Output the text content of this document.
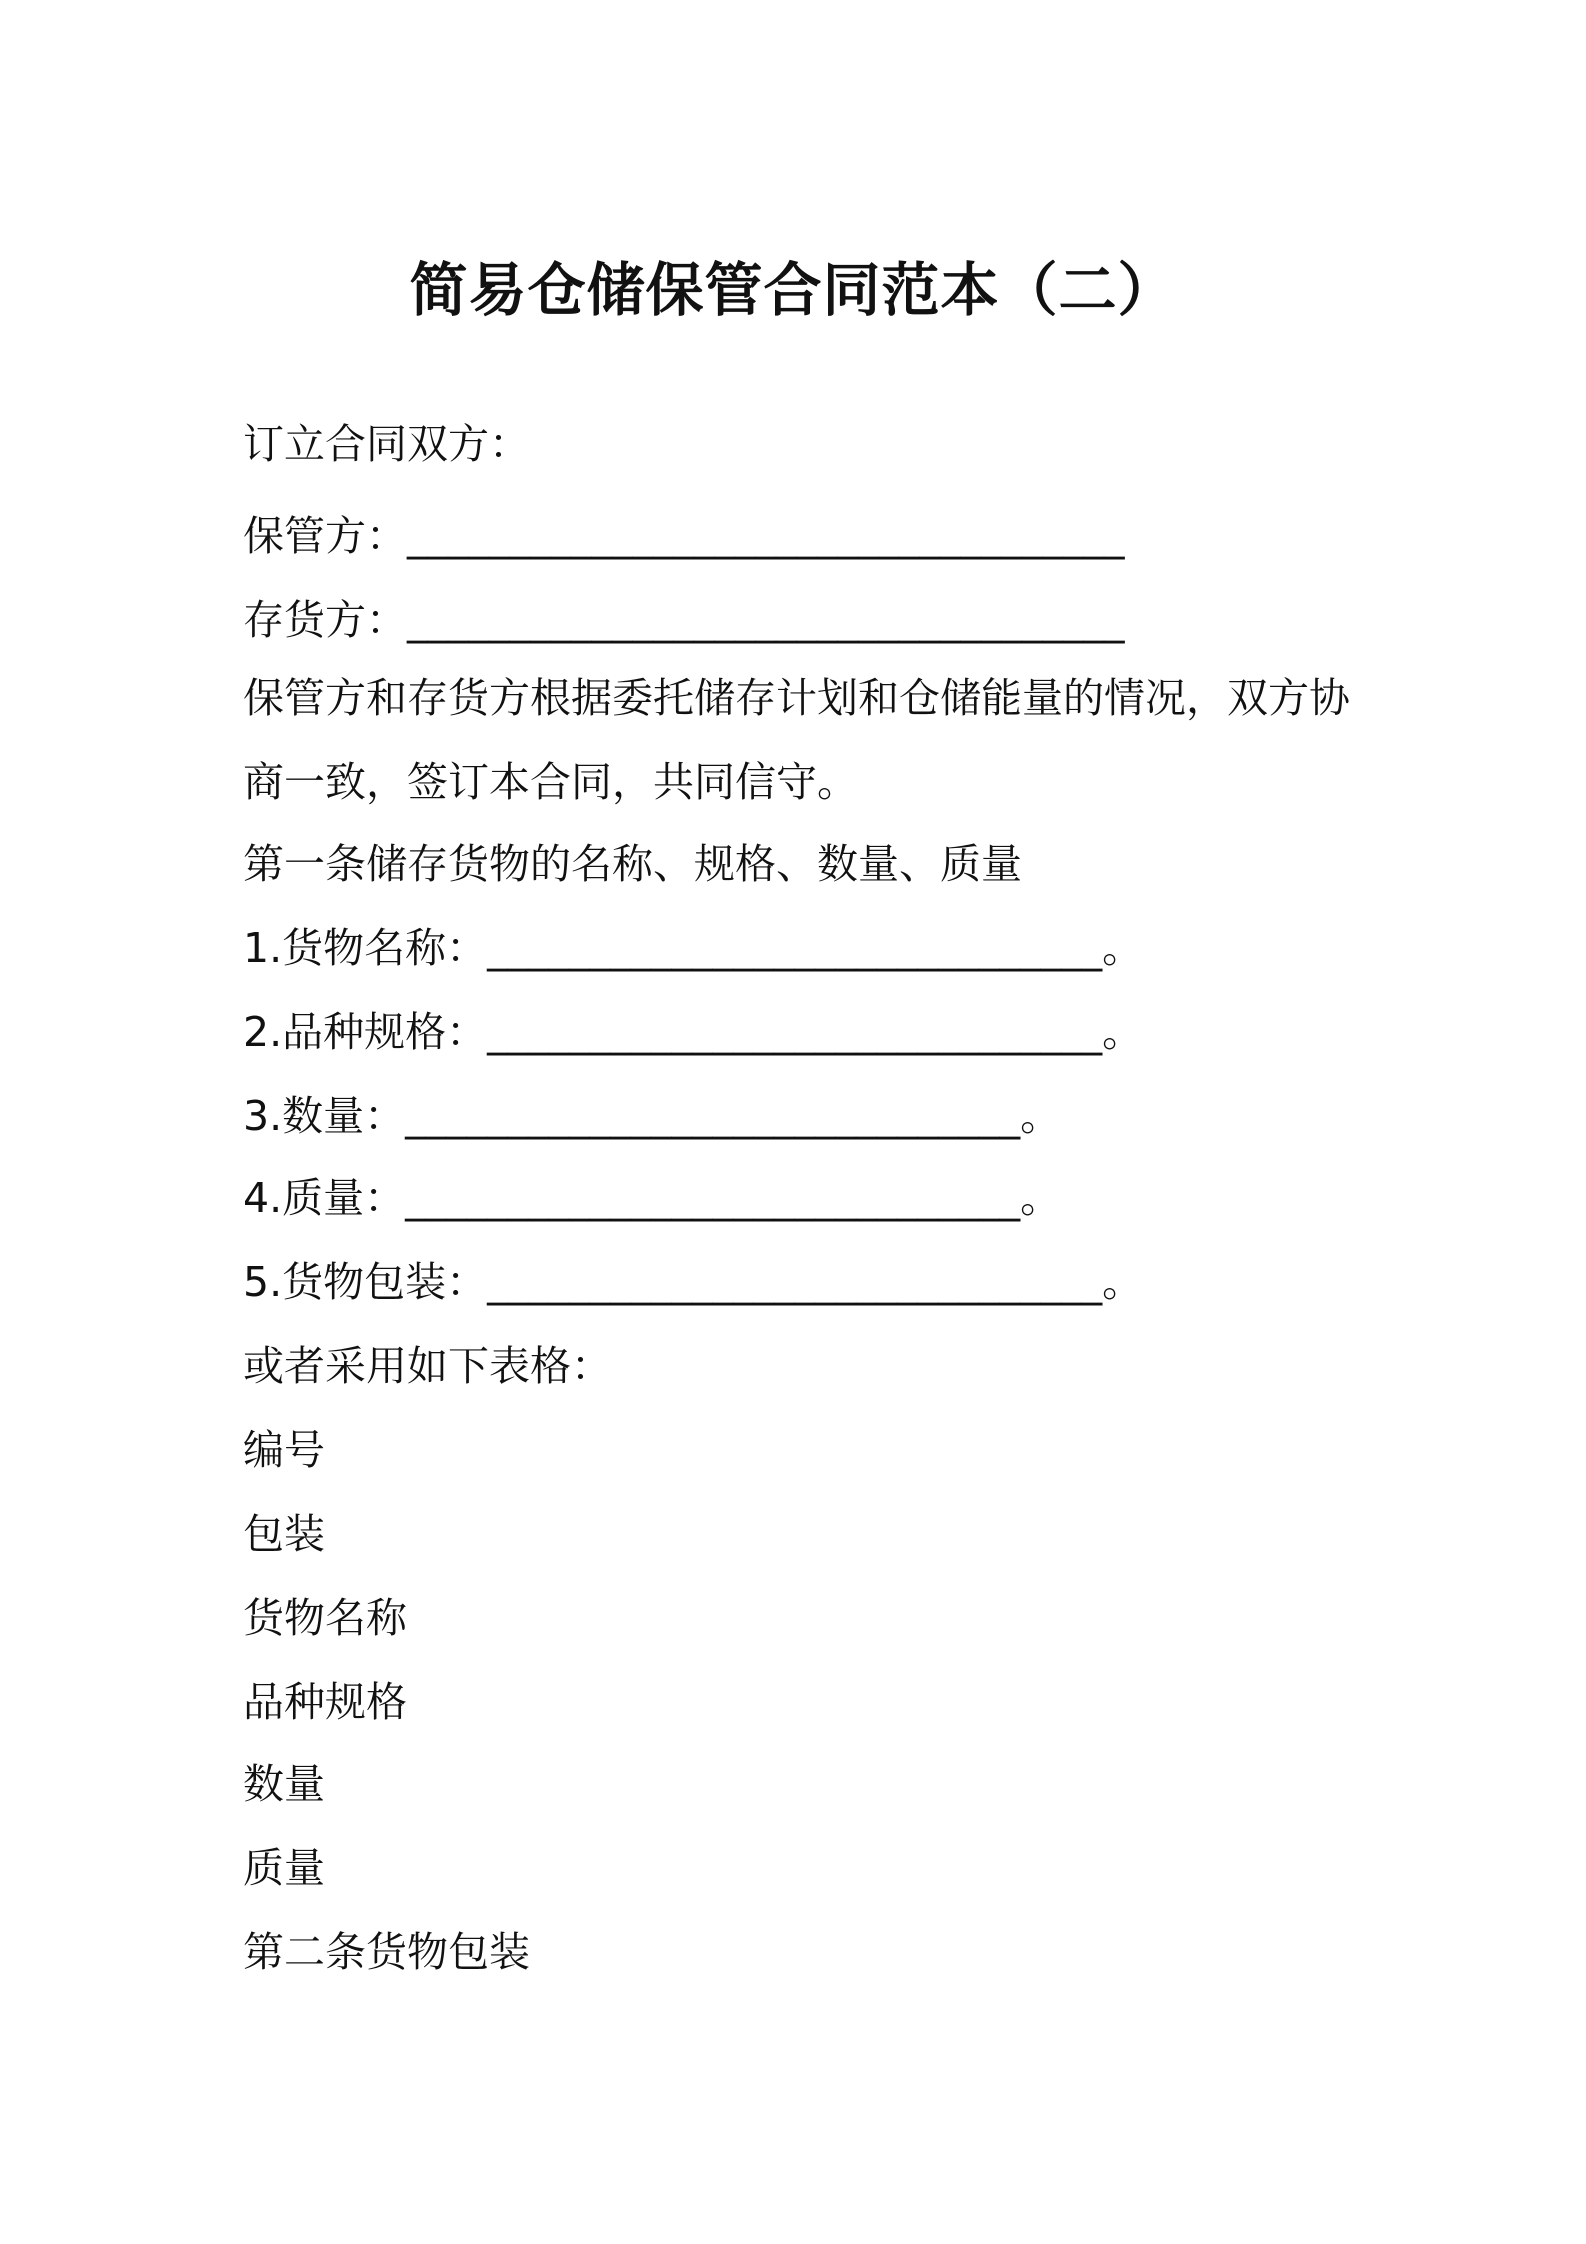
简易仓储保管合同范本（二）
订立合同双方：
保管方：___________________________________
存货方：___________________________________
保管方和存货方根据委托储存计划和仓储能量的情况，双方协商一致，签订本合同，共同信守。
第一条储存货物的名称、规格、数量、质量
1.货物名称：______________________________。
2.品种规格：______________________________。
3.数量：______________________________。
4.质量：______________________________。
5.货物包装：______________________________。
或者采用如下表格：
编号
包装
货物名称
品种规格
数量
质量
第二条货物包装
